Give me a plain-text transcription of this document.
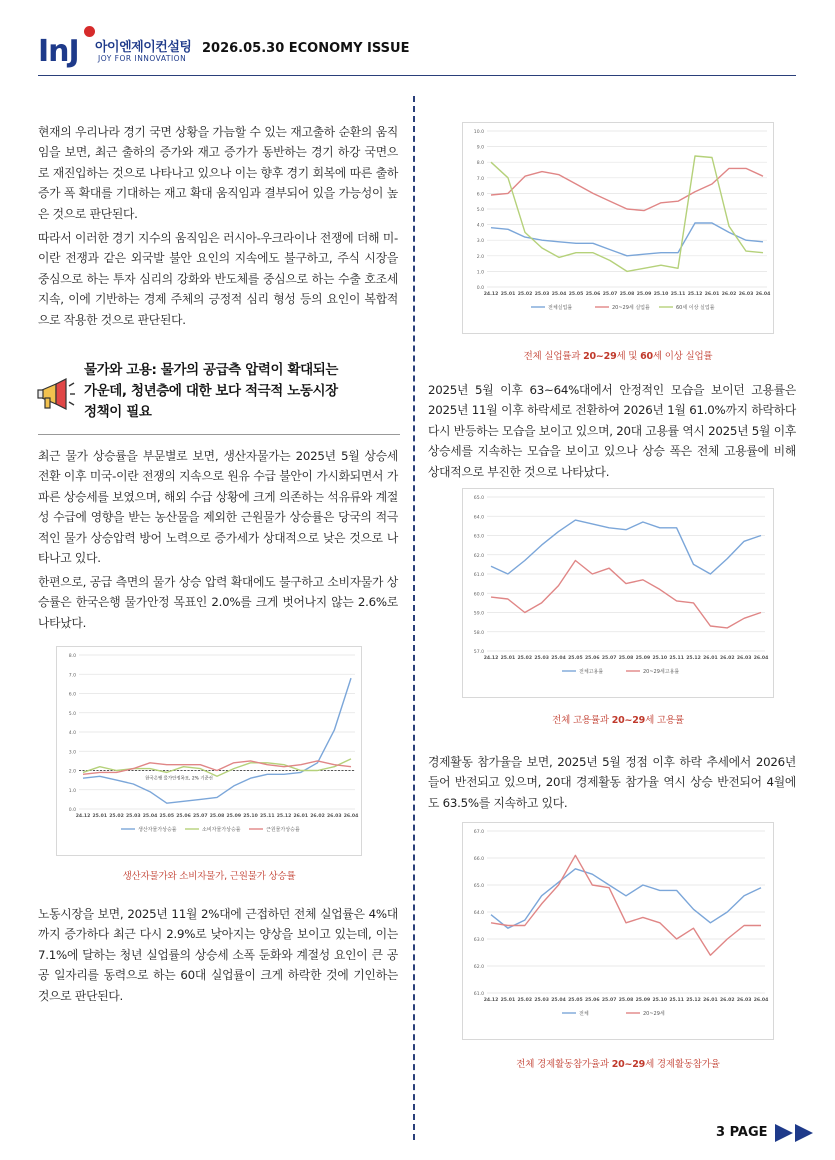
InJ 아이엔제이컨설팅
JOY FOR INNOVATION
2026.05.30 ECONOMY ISSUE
현재의 우리나라 경기 국면 상황을 가늠할 수 있는 재고출하 순환의 움직임을 보면, 최근 출하의 증가와 재고 증가가 동반하는 경기 하강 국면으로 재진입하는 것으로 나타나고 있으나 이는 향후 경기 회복에 따른 출하 증가 폭 확대를 기대하는 재고 확대 움직임과 결부되어 있을 가능성이 높은 것으로 판단된다.
따라서 이러한 경기 지수의 움직임은 러시아-우크라이나 전쟁에 더해 미-이란 전쟁과 같은 외국발 불안 요인의 지속에도 불구하고, 주식 시장을 중심으로 하는 투자 심리의 강화와 반도체를 중심으로 하는 수출 호조세 지속, 이에 기반하는 경제 주체의 긍정적 심리 형성 등의 요인이 복합적으로 작용한 것으로 판단된다.
물가와 고용: 물가의 공급측 압력이 확대되는
가운데, 청년층에 대한 보다 적극적 노동시장
정책이 필요
최근 물가 상승률을 부문별로 보면, 생산자물가는 2025년 5월 상승세 전환 이후 미국-이란 전쟁의 지속으로 원유 수급 불안이 가시화되면서 가파른 상승세를 보였으며, 해외 수급 상황에 크게 의존하는 석유류와 계절성 수급에 영향을 받는 농산물을 제외한 근원물가 상승률은 당국의 적극적인 물가 상승압력 방어 노력으로 증가세가 상대적으로 낮은 것으로 나타나고 있다.
한편으로, 공급 측면의 물가 상승 압력 확대에도 불구하고 소비자물가 상승률은 한국은행 물가안정 목표인 2.0%를 크게 벗어나지 않는 2.6%로 나타났다.
0.0
1.0
2.0
3.0
4.0
5.0
6.0
7.0
8.0
24.12 25.01 25.02 25.03 25.04 25.05 25.06 25.07 25.08 25.09 25.10 25.11 25.12 26.01 26.02 26.03 26.04
한국은행 물가안정목표, 2% 기준선
생산자물가상승률	소비자물가상승률	근원물가상승률
생산자물가와 소비자물가, 근원물가 상승률
노동시장을 보면, 2025년 11월 2%대에 근접하던 전체 실업률은 4%대까지 증가하다 최근 다시 2.9%로 낮아지는 양상을 보이고 있는데, 이는 7.1%에 달하는 청년 실업률의 상승세 소폭 둔화와 계절성 요인이 큰 공공 일자리를 동력으로 하는 60대 실업률이 크게 하락한 것에 기인하는 것으로 판단된다.
0.0
1.0
2.0
3.0
4.0
5.0
6.0
7.0
8.0
9.0
10.0
24.12 25.01 25.02 25.03 25.04 25.05 25.06 25.07 25.08 25.09 25.10 25.11 25.12 26.01 26.02 26.03 26.04
전체실업률	20~29세 실업률	60세 이상 실업률
전체 실업률과 20~29세 및 60세 이상 실업률
2025년 5월 이후 63~64%대에서 안정적인 모습을 보이던 고용률은 2025년 11월 이후 하락세로 전환하여 2026년 1월 61.0%까지 하락하다 다시 반등하는 모습을 보이고 있으며, 20대 고용률 역시 2025년 5월 이후 상승세를 지속하는 모습을 보이고 있으나 상승 폭은 전체 고용률에 비해 상대적으로 부진한 것으로 나타났다.
57.0
58.0
59.0
60.0
61.0
62.0
63.0
64.0
65.0
24.12 25.01 25.02 25.03 25.04 25.05 25.06 25.07 25.08 25.09 25.10 25.11 25.12 26.01 26.02 26.03 26.04
전체고용률	20~29세고용률
전체 고용률과 20~29세 고용률
경제활동 참가율을 보면, 2025년 5월 정점 이후 하락 추세에서 2026년 들어 반전되고 있으며, 20대 경제활동 참가율 역시 상승 반전되어 4월에도 63.5%를 지속하고 있다.
61.0
62.0
63.0
64.0
65.0
66.0
67.0
24.12 25.01 25.02 25.03 25.04 25.05 25.06 25.07 25.08 25.09 25.10 25.11 25.12 26.01 26.02 26.03 26.04
전체	20~29세
전체 경제활동참가율과 20~29세 경제활동참가율
3 PAGE
